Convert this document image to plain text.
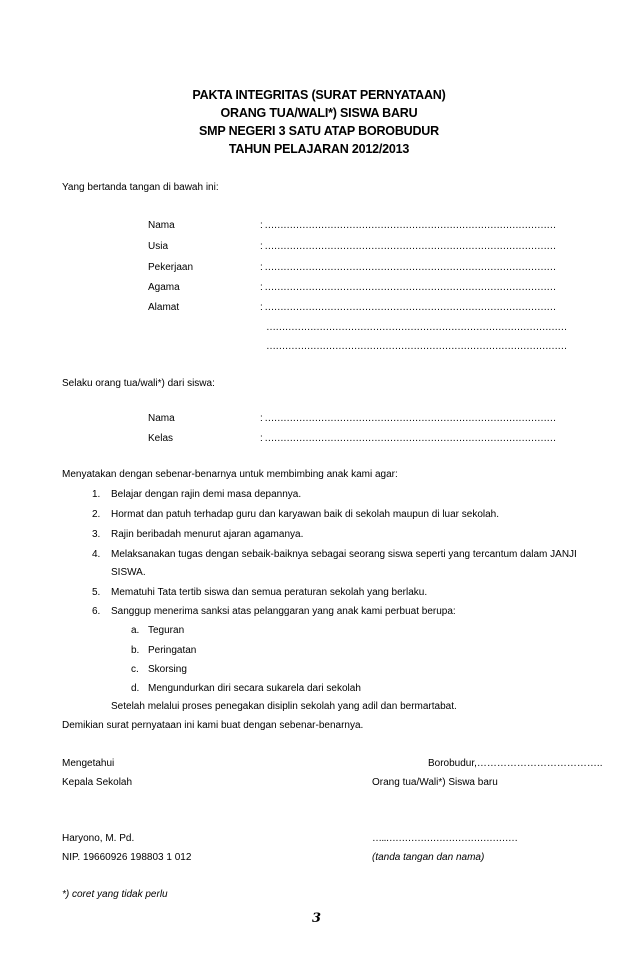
PAKTA INTEGRITAS (SURAT PERNYATAAN)
ORANG TUA/WALI*) SISWA BARU
SMP NEGERI 3 SATU ATAP BOROBUDUR
TAHUN PELAJARAN 2012/2013
Yang bertanda tangan di bawah ini:
Nama	: …………………………………………………………………………………
Usia	: …………………………………………………………………………………
Pekerjaan	: …………………………………………………………………………………
Agama	: …………………………………………………………………………………
Alamat	: …………………………………………………………………………………
……………………………………………………………………………………
……………………………………………………………………………………
Selaku orang tua/wali*) dari siswa:
Nama	: …………………………………………………………………………………
Kelas	: …………………………………………………………………………………
Menyatakan dengan sebenar-benarnya untuk membimbing anak kami agar:
1. Belajar dengan rajin demi masa depannya.
2. Hormat dan patuh terhadap guru dan karyawan baik di sekolah maupun di luar sekolah.
3. Rajin beribadah menurut ajaran agamanya.
4. Melaksanakan tugas dengan sebaik-baiknya sebagai seorang siswa seperti yang tercantum dalam JANJI
SISWA.
5. Mematuhi Tata tertib siswa dan semua peraturan sekolah yang berlaku.
6. Sanggup menerima sanksi atas pelanggaran yang anak kami perbuat berupa:
a. Teguran
b. Peringatan
c. Skorsing
d. Mengundurkan diri secara sukarela dari sekolah
Setelah melalui proses penegakan disiplin sekolah yang adil dan bermartabat.
Demikian surat pernyataan ini kami buat dengan sebenar-benarnya.
Mengetahui	Borobudur,………………………………..
Kepala Sekolah	Orang tua/Wali*) Siswa baru
Haryono, M. Pd.	…..……………………………………
NIP. 19660926 198803 1 012	(tanda tangan dan nama)
*) coret yang tidak perlu
3
